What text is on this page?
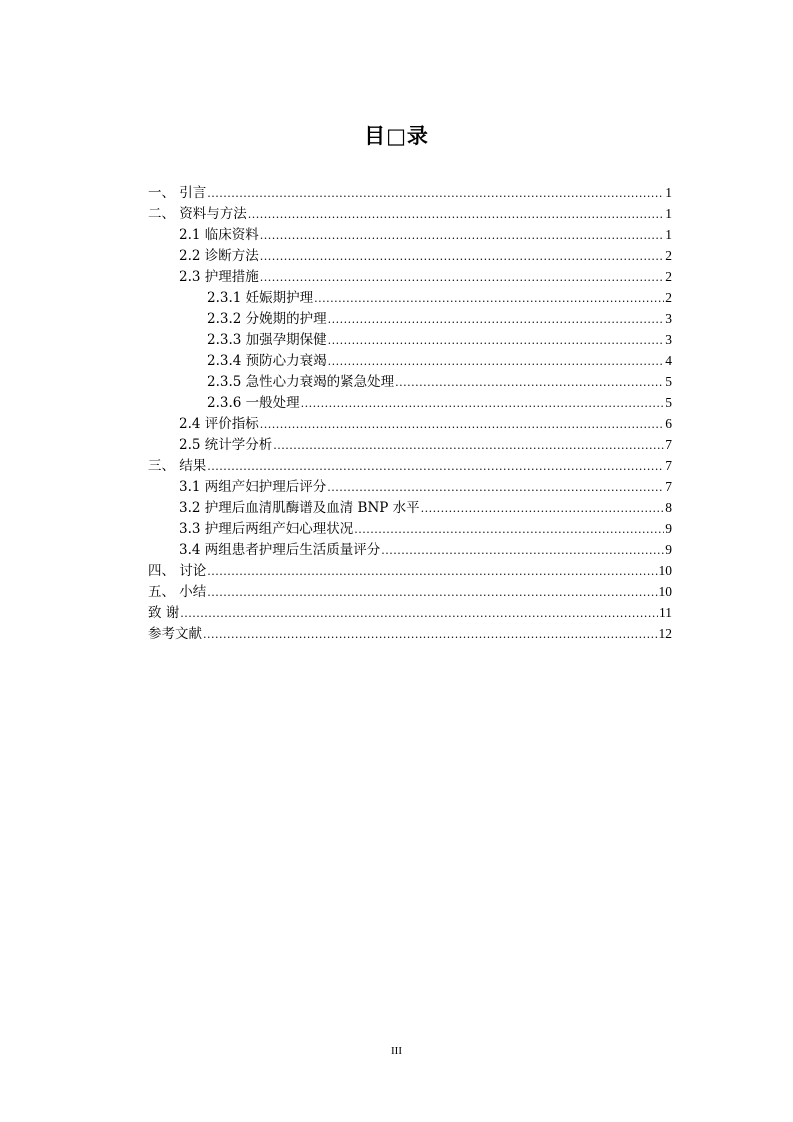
目□录
一、 引言 .....	1
二、 资料与方法 .....	1
2.1 临床资料 .....	1
2.2 诊断方法 .....	2
2.3 护理措施 .....	2
2.3.1 妊娠期护理 .....	2
2.3.2 分娩期的护理 .....	3
2.3.3 加强孕期保健 .....	3
2.3.4 预防心力衰竭 .....	4
2.3.5 急性心力衰竭的紧急处理 .....	5
2.3.6 一般处理 .....	5
2.4 评价指标 .....	6
2.5 统计学分析 .....	7
三、 结果 .....	7
3.1 两组产妇护理后评分 .....	7
3.2 护理后血清肌酶谱及血清 BNP 水平 .....	8
3.3 护理后两组产妇心理状况 .....	9
3.4 两组患者护理后生活质量评分 .....	9
四、 讨论 .....	10
五、 小结 .....	10
致 谢 .....	11
参考文献 .....	12
III
